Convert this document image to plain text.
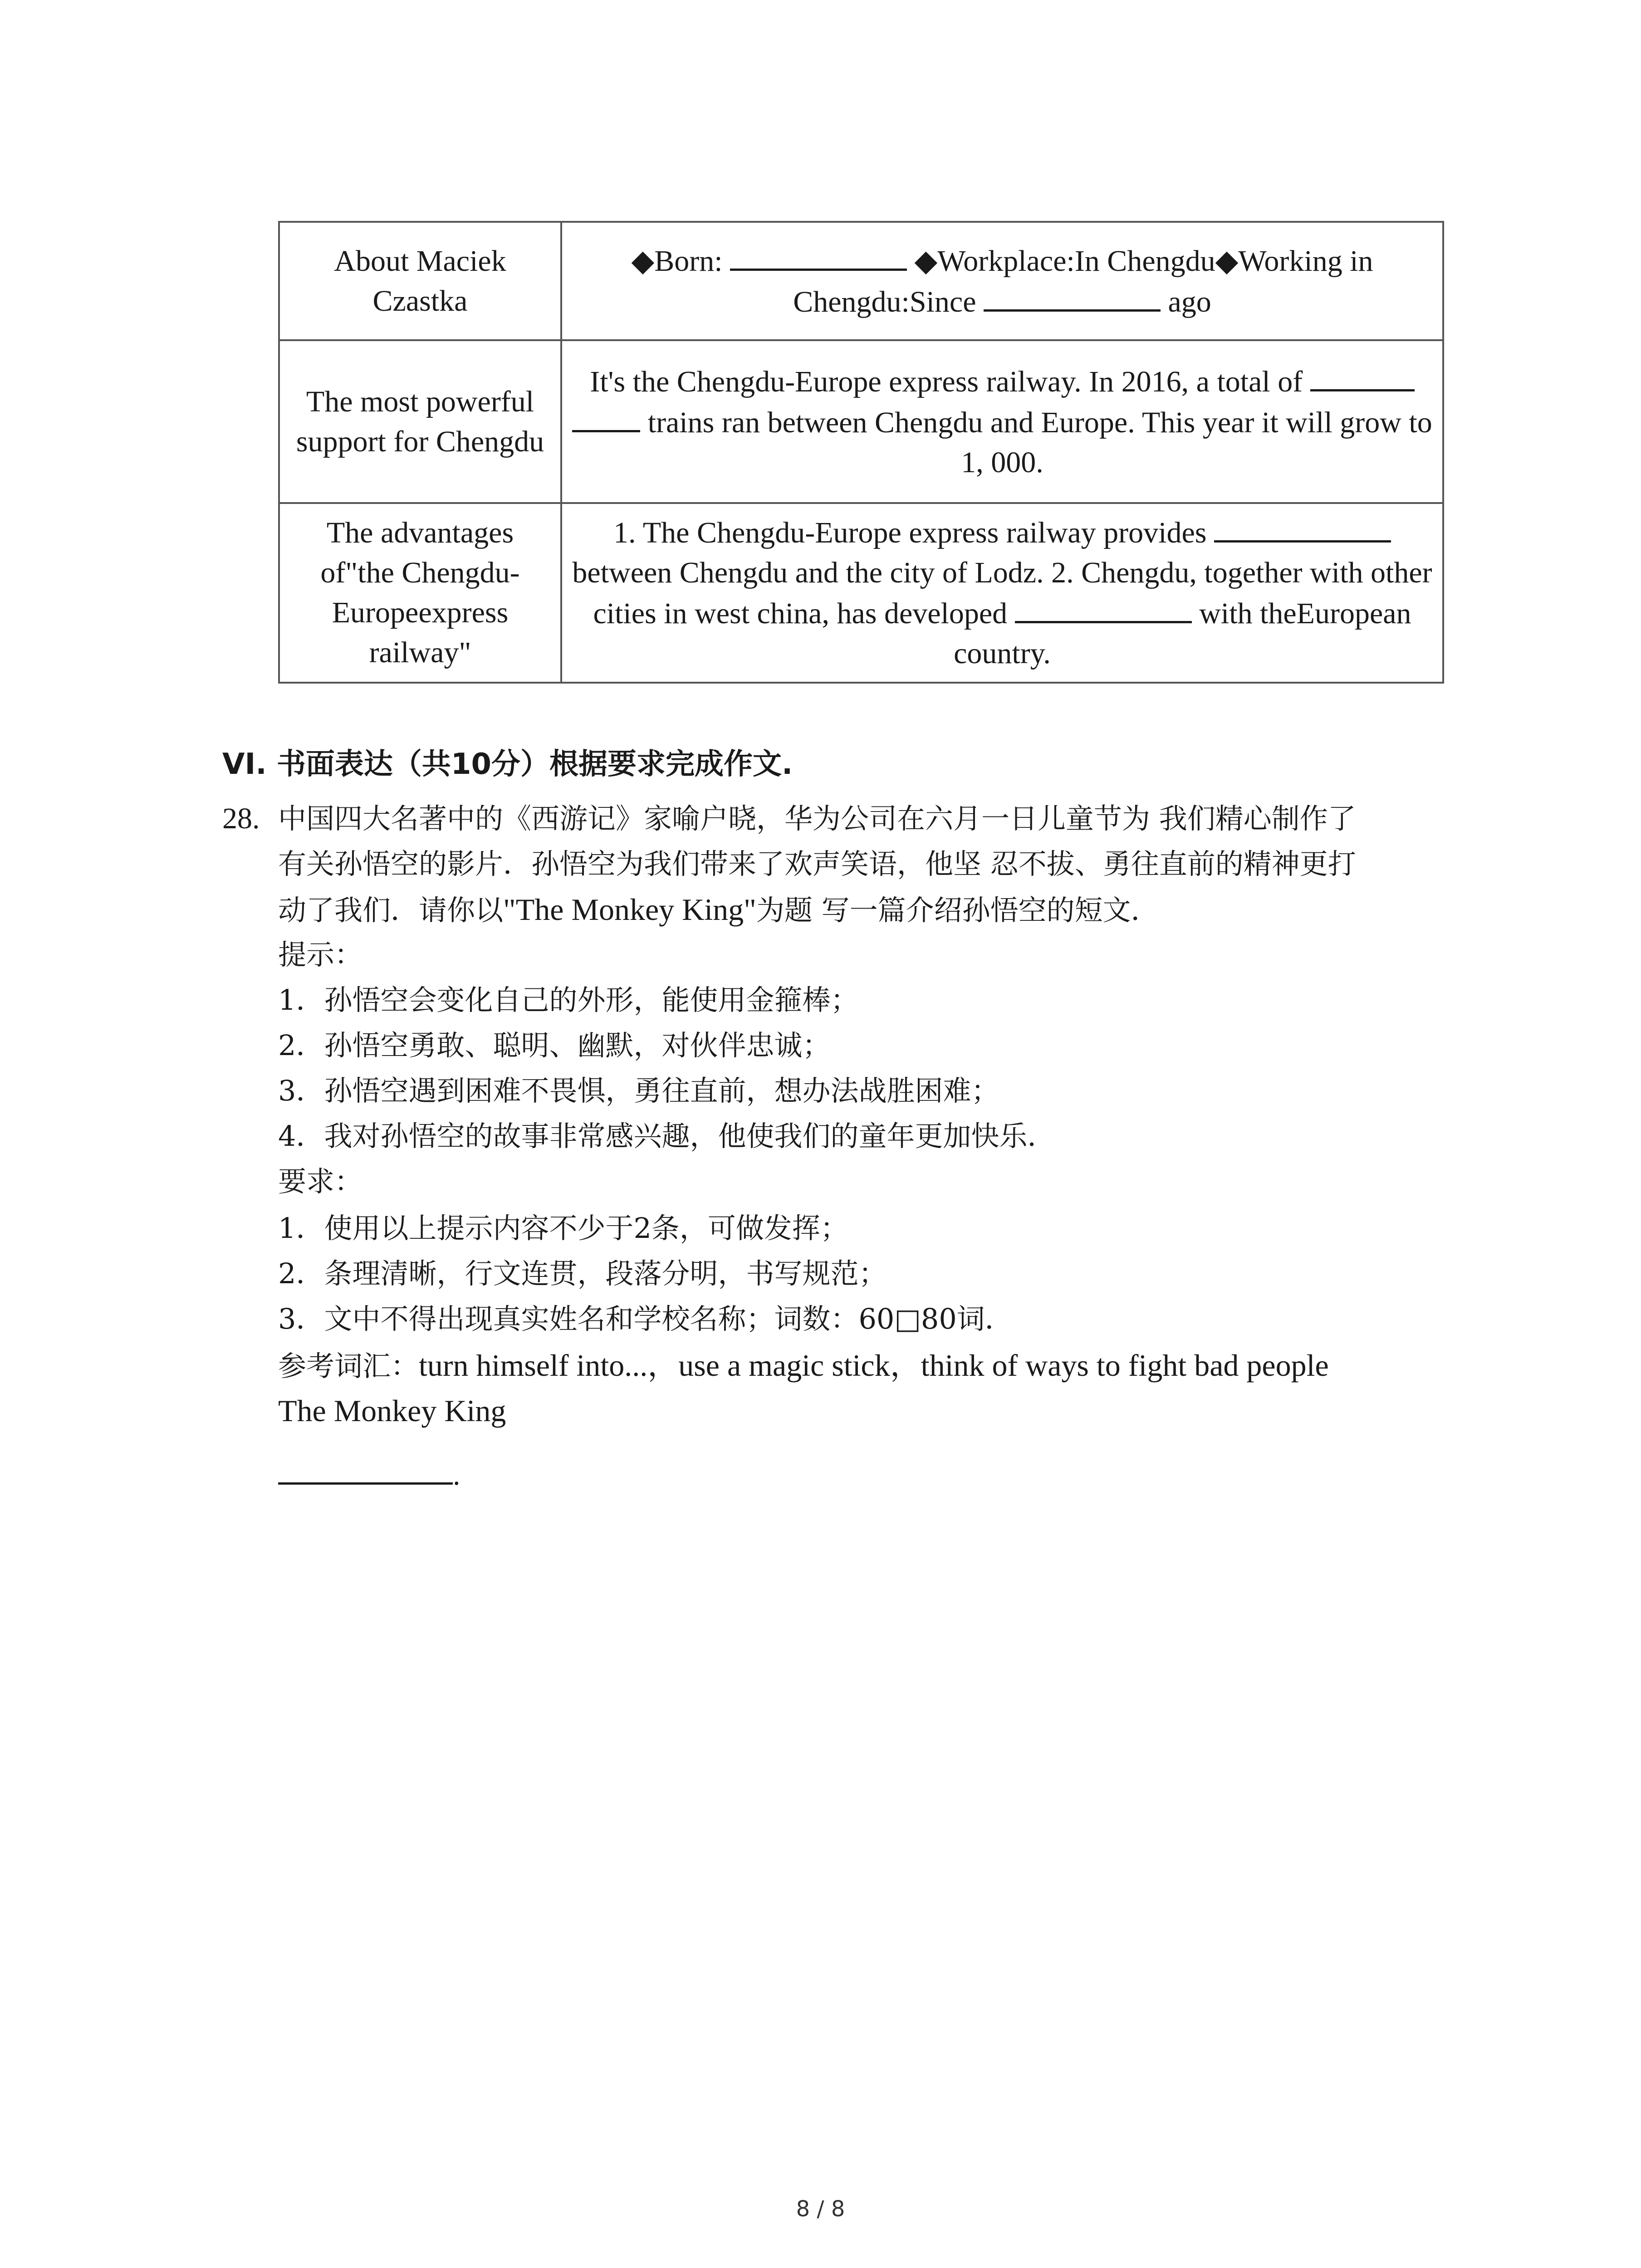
About Maciek Czastka	◆Born: ◆Workplace:In Chengdu◆Working in Chengdu:Since ago
The most powerful support for Chengdu	It's the Chengdu-Europe express railway. In 2016, a total of   trains ran between Chengdu and Europe. This year it will grow to 1, 000.
The advantages of"the Chengdu-Europeexpress railway"	1. The Chengdu-Europe express railway provides  between Chengdu and the city of Lodz. 2. Chengdu, together with other cities in west china, has developed with theEuropean country.
VI. 书面表达（共10分）根据要求完成作文.
28. 中国四大名著中的《西游记》家喻户晓，华为公司在六月一日儿童节为 我们精心制作了
有关孙悟空的影片．孙悟空为我们带来了欢声笑语，他坚 忍不拔、勇往直前的精神更打
动了我们．请你以"The Monkey King"为题 写一篇介绍孙悟空的短文．
提示：
1．孙悟空会变化自己的外形，能使用金箍棒；
2．孙悟空勇敢、聪明、幽默，对伙伴忠诚；
3．孙悟空遇到困难不畏惧，勇往直前，想办法战胜困难；
4．我对孙悟空的故事非常感兴趣，他使我们的童年更加快乐．
要求：
1．使用以上提示内容不少于2条，可做发挥；
2．条理清晰，行文连贯，段落分明，书写规范；
3．文中不得出现真实姓名和学校名称；词数：60□80词．
参考词汇：turn himself into...，use a magic stick，think of ways to fight bad people
The Monkey King
.
8 / 8
